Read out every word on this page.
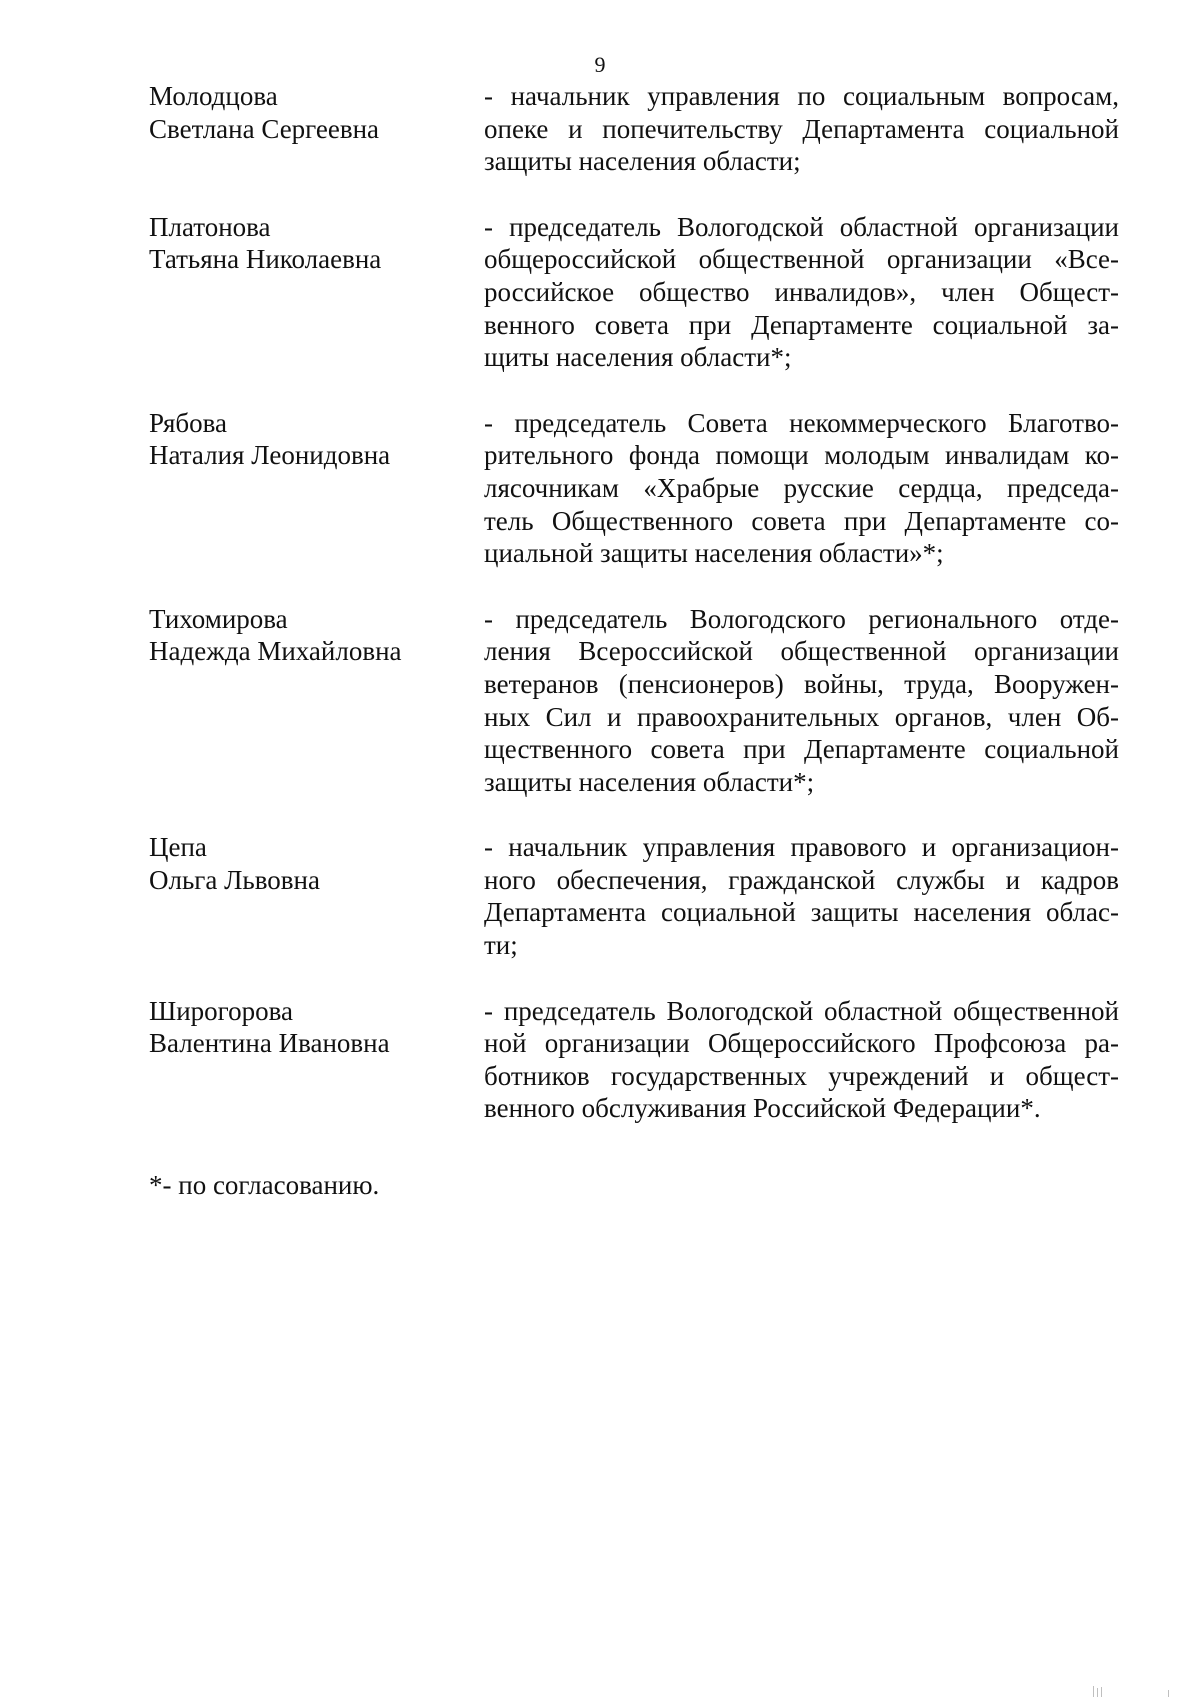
9
Молодцова
Светлана Сергеевна
- начальник управления по социальным вопросам,
опеке и попечительству Департамента социальной
защиты населения области;
Платонова
Татьяна Николаевна
- председатель Вологодской областной организации
общероссийской общественной организации «Все-
российское общество инвалидов», член Общест-
венного совета при Департаменте социальной за-
щиты населения области*;
Рябова
Наталия Леонидовна
- председатель Совета некоммерческого Благотво-
рительного фонда помощи молодым инвалидам ко-
лясочникам «Храбрые русские сердца, председа-
тель Общественного совета при Департаменте со-
циальной защиты населения области»*;
Тихомирова
Надежда Михайловна
- председатель Вологодского регионального отде-
ления Всероссийской общественной организации
ветеранов (пенсионеров) войны, труда, Вооружен-
ных Сил и правоохранительных органов, член Об-
щественного совета при Департаменте социальной
защиты населения области*;
Цепа
Ольга Львовна
- начальник управления правового и организацион-
ного обеспечения, гражданской службы и кадров
Департамента социальной защиты населения облас-
ти;
Широгорова
Валентина Ивановна
- председатель Вологодской областной общественной
ной организации Общероссийского Профсоюза ра-
ботников государственных учреждений и общест-
венного обслуживания Российской Федерации*.
*- по согласованию.
